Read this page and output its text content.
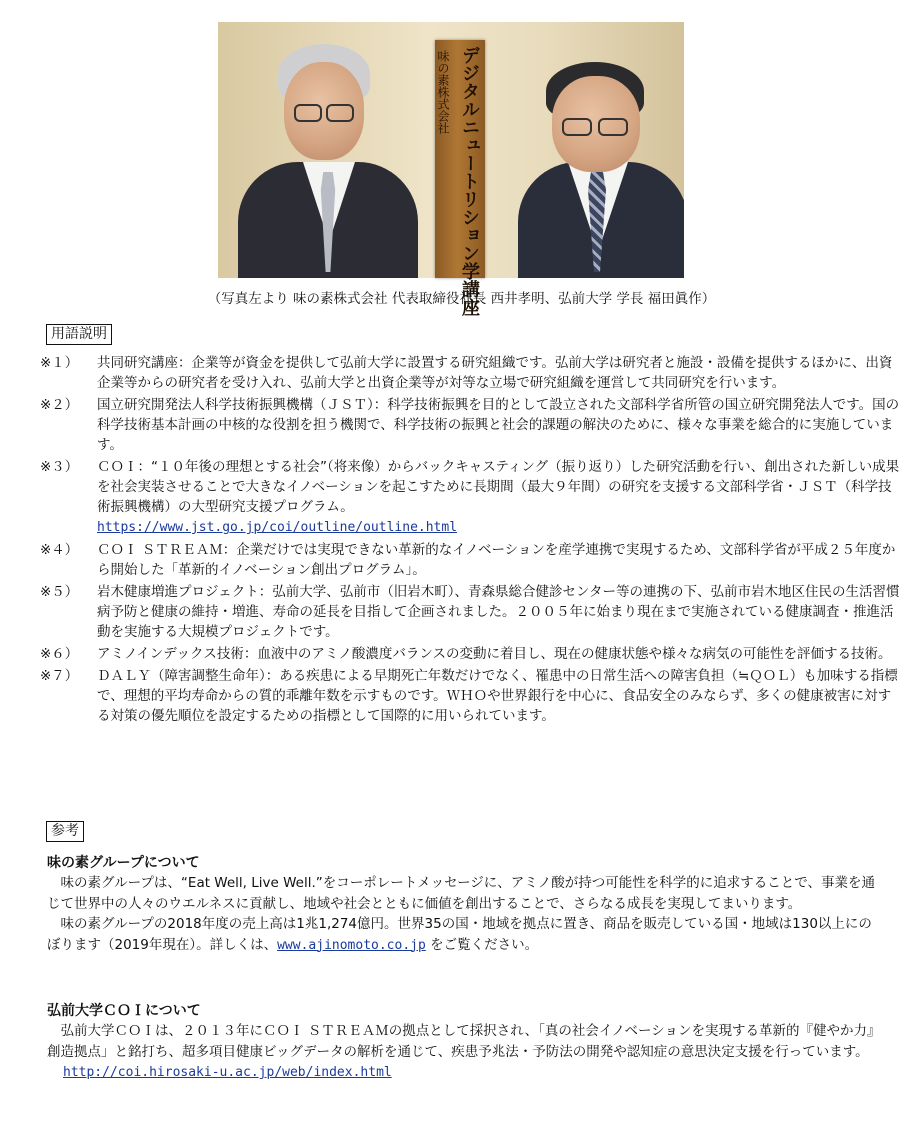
味の素株式会社 デジタルニュートリション学講座
（写真左より 味の素株式会社 代表取締役社長 西井孝明、弘前大学 学長 福田眞作）
用語説明
※１） 共同研究講座：企業等が資金を提供して弘前大学に設置する研究組織です。弘前大学は研究者と施設・設備を提供するほかに、出資企業等からの研究者を受け入れ、弘前大学と出資企業等が対等な立場で研究組織を運営して共同研究を行います。
※２） 国立研究開発法人科学技術振興機構（ＪＳＴ）：科学技術振興を目的として設立された文部科学省所管の国立研究開発法人です。国の科学技術基本計画の中核的な役割を担う機関で、科学技術の振興と社会的課題の解決のために、様々な事業を総合的に実施しています。
※３） ＣＯＩ：“１０年後の理想とする社会”（将来像）からバックキャスティング（振り返り）した研究活動を行い、創出された新しい成果を社会実装させることで大きなイノベーションを起こすために長期間（最大９年間）の研究を支援する文部科学省・ＪＳＴ（科学技術振興機構）の大型研究支援プログラム。
https://www.jst.go.jp/coi/outline/outline.html
※４） ＣＯＩ ＳＴＲＥＡＭ：企業だけでは実現できない革新的なイノベーションを産学連携で実現するため、文部科学省が平成２５年度から開始した「革新的イノベーション創出プログラム」。
※５） 岩木健康増進プロジェクト：弘前大学、弘前市（旧岩木町）、青森県総合健診センター等の連携の下、弘前市岩木地区住民の生活習慣病予防と健康の維持・増進、寿命の延長を目指して企画されました。２００５年に始まり現在まで実施されている健康調査・推進活動を実施する大規模プロジェクトです。
※６） アミノインデックス技術：血液中のアミノ酸濃度バランスの変動に着目し、現在の健康状態や様々な病気の可能性を評価する技術。
※７） ＤＡＬＹ（障害調整生命年）：ある疾患による早期死亡年数だけでなく、罹患中の日常生活への障害負担（≒ＱＯＬ）も加味する指標で、理想的平均寿命からの質的乖離年数を示すものです。ＷＨＯや世界銀行を中心に、食品安全のみならず、多くの健康被害に対する対策の優先順位を設定するための指標として国際的に用いられています。
参考
味の素グループについて

味の素グループは、“Eat Well, Live Well.”をコーポレートメッセージに、アミノ酸が持つ可能性を科学的に追求することで、事業を通じて世界中の人々のウエルネスに貢献し、地域や社会とともに価値を創出することで、さらなる成長を実現してまいります。

味の素グループの2018年度の売上高は1兆1,274億円。世界35の国・地域を拠点に置き、商品を販売している国・地域は130以上にのぼります（2019年現在）。詳しくは、www.ajinomoto.co.jp をご覧ください。

弘前大学ＣＯＩについて

弘前大学ＣＯＩは、２０１３年にＣＯＩ ＳＴＲＥＡＭの拠点として採択され、「真の社会イノベーションを実現する革新的『健やか力』創造拠点」と銘打ち、超多項目健康ビッグデータの解析を通じて、疾患予兆法・予防法の開発や認知症の意思決定支援を行っています。

http://coi.hirosaki-u.ac.jp/web/index.html
